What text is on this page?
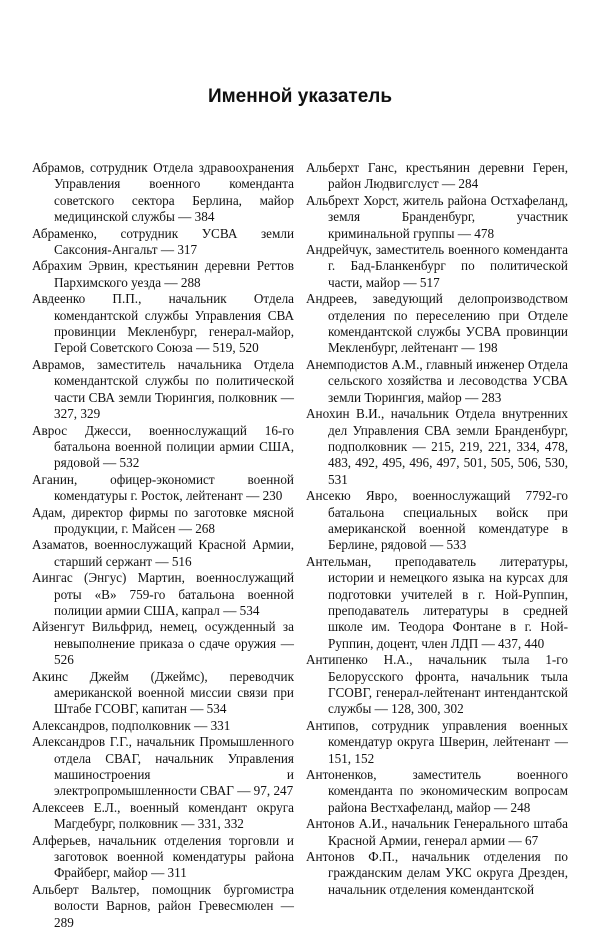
Именной указатель

Абрамов, сотрудник Отдела здравоохранения Управления военного коменданта советского сектора Берлина, майор медицинской службы — 384

Абраменко, сотрудник УСВА земли Саксония-Ангальт — 317

Абрахим Эрвин, крестьянин деревни Реттов Пархимского уезда — 288

Авдеенко П.П., начальник Отдела комендантской службы Управления СВА провинции Мекленбург, генерал-майор, Герой Советского Союза — 519, 520

Аврамов, заместитель начальника Отдела комендантской службы по политической части СВА земли Тюрингия, полковник — 327, 329

Аврос Джесси, военнослужащий 16-го батальона военной полиции армии США, рядовой — 532

Аганин, офицер-экономист военной комендатуры г. Росток, лейтенант — 230

Адам, директор фирмы по заготовке мясной продукции, г. Майсен — 268

Азаматов, военнослужащий Красной Армии, старший сержант — 516

Аингас (Энгус) Мартин, военнослужащий роты «В» 759-го батальона военной полиции армии США, капрал — 534

Айзенгут Вильфрид, немец, осужденный за невыполнение приказа о сдаче оружия — 526

Акинс Джейм (Джеймс), переводчик американской военной миссии связи при Штабе ГСОВГ, капитан — 534

Александров, подполковник — 331

Александров Г.Г., начальник Промышленного отдела СВАГ, начальник Управления машиностроения и электропромышленности СВАГ — 97, 247

Алексеев Е.Л., военный комендант округа Магдебург, полковник — 331, 332

Алферьев, начальник отделения торговли и заготовок военной комендатуры района Фрайберг, майор — 311

Альберт Вальтер, помощник бургомистра волости Варнов, район Гревесмюлен — 289

Альберхт Ганс, крестьянин деревни Герен, район Людвигслуст — 284

Альбрехт Хорст, житель района Остхафеланд, земля Бранденбург, участник криминальной группы — 478

Андрейчук, заместитель военного коменданта г. Бад-Бланкенбург по политической части, майор — 517

Андреев, заведующий делопроизводством отделения по переселению при Отделе комендантской службы УСВА провинции Мекленбург, лейтенант — 198

Анемподистов А.М., главный инженер Отдела сельского хозяйства и лесоводства УСВА земли Тюрингия, майор — 283

Анохин В.И., начальник Отдела внутренних дел Управления СВА земли Бранденбург, подполковник — 215, 219, 221, 334, 478, 483, 492, 495, 496, 497, 501, 505, 506, 530, 531

Ансекю Явро, военнослужащий 7792-го батальона специальных войск при американской военной комендатуре в Берлине, рядовой — 533

Антельман, преподаватель литературы, истории и немецкого языка на курсах для подготовки учителей в г. Ной-Руппин, преподаватель литературы в средней школе им. Теодора Фонтане в г. Ной-Руппин, доцент, член ЛДП — 437, 440

Антипенко Н.А., начальник тыла 1-го Белорусского фронта, начальник тыла ГСОВГ, генерал-лейтенант интендантской службы — 128, 300, 302

Антипов, сотрудник управления военных комендатур округа Шверин, лейтенант — 151, 152

Антоненков, заместитель военного коменданта по экономическим вопросам района Вестхафеланд, майор — 248

Антонов А.И., начальник Генерального штаба Красной Армии, генерал армии — 67

Антонов Ф.П., начальник отделения по гражданским делам УКС округа Дрезден, начальник отделения комендантской
